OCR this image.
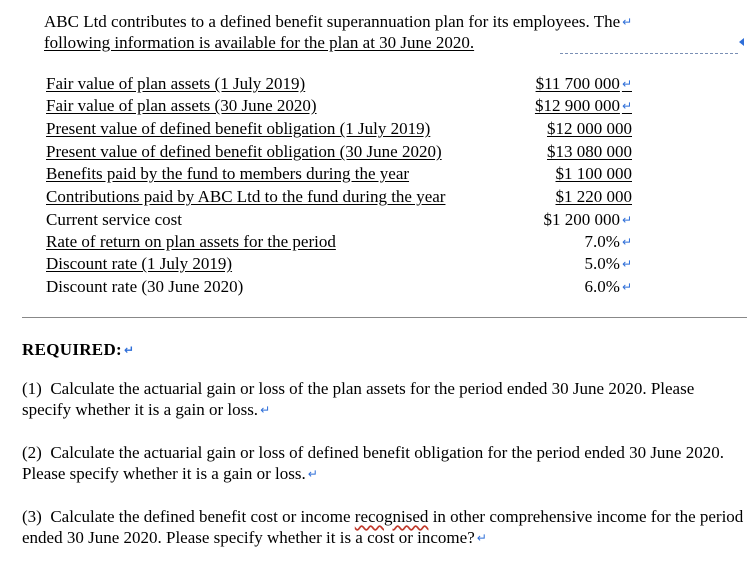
ABC Ltd contributes to a defined benefit superannuation plan for its employees. The ↵
following information is available for the plan at 30 June 2020.
Fair value of plan assets (1 July 2019)	$11 700 000 ↵
Fair value of plan assets (30 June 2020)	$12 900 000 ↵
Present value of defined benefit obligation (1 July 2019)	$12 000 000
Present value of defined benefit obligation (30 June 2020)	$13 080 000
Benefits paid by the fund to members during the year	$1 100 000
Contributions paid by ABC Ltd to the fund during the year	$1 220 000
Current service cost	$1 200 000 ↵
Rate of return on plan assets for the period	7.0% ↵
Discount rate (1 July 2019)	5.0% ↵
Discount rate (30 June 2020)	6.0% ↵
REQUIRED: ↵
(1) Calculate the actuarial gain or loss of the plan assets for the period ended 30 June 2020. Please specify whether it is a gain or loss. ↵
(2) Calculate the actuarial gain or loss of defined benefit obligation for the period ended 30 June 2020. Please specify whether it is a gain or loss. ↵
(3) Calculate the defined benefit cost or income recognised in other comprehensive income for the period ended 30 June 2020. Please specify whether it is a cost or income? ↵
